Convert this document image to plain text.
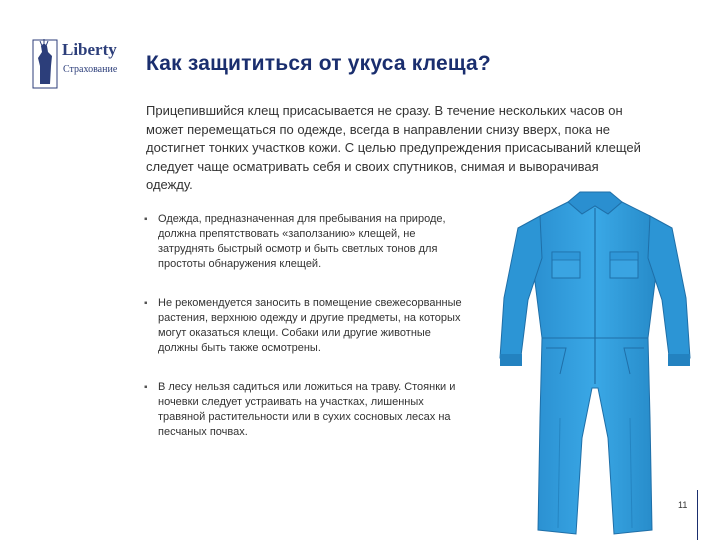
Liberty
Страхование Как защититься от укуса клеща?
Прицепившийся клещ присасывается не сразу. В течение нескольких часов он может перемещаться по одежде, всегда в направлении снизу вверх, пока не достигнет тонких участков кожи. С целью предупреждения присасываний клещей следует чаще осматривать себя и своих спутников, снимая и выворачивая одежду.
▪ Одежда, предназначенная для пребывания на природе, должна препятствовать «заползанию» клещей, не затруднять быстрый осмотр и быть светлых тонов для простоты обнаружения клещей.
▪ Не рекомендуется заносить в помещение свежесорванные растения, верхнюю одежду и другие предметы, на которых могут оказаться клещи. Собаки или другие животные должны быть также осмотрены.
▪ В лесу нельзя садиться или ложиться на траву. Стоянки и ночевки следует устраивать на участках, лишенных травяной растительности или в сухих сосновых лесах на песчаных почвах.
11
